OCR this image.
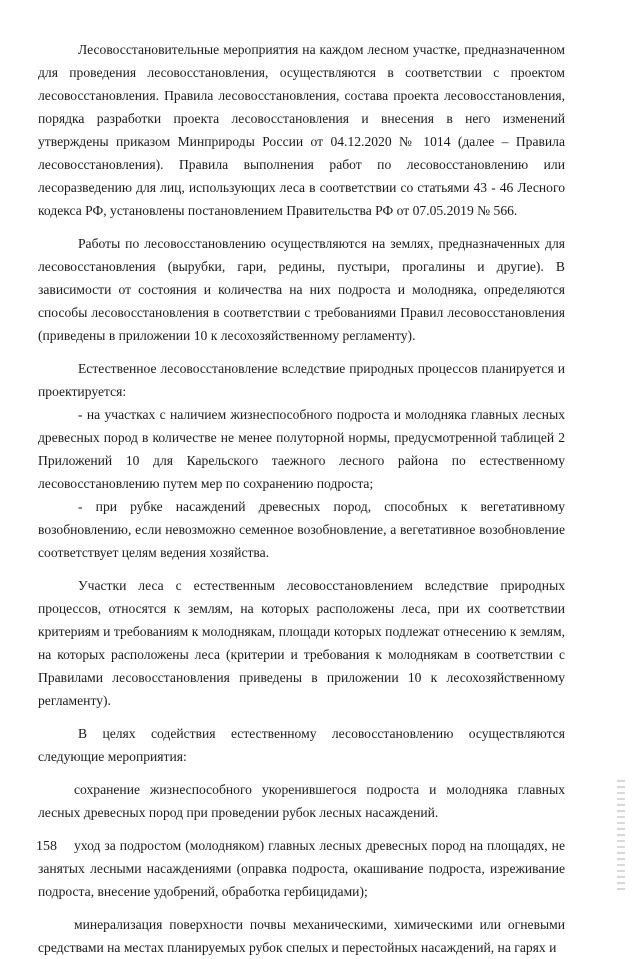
Лесовосстановительные мероприятия на каждом лесном участке, предназначенном для проведения лесовосстановления, осуществляются в соответствии с проектом лесовосстановления. Правила лесовосстановления, состава проекта лесовосстановления, порядка разработки проекта лесовосстановления и внесения в него изменений утверждены приказом Минприроды России от 04.12.2020 № 1014 (далее – Правила лесовосстановления). Правила выполнения работ по лесовосстановлению или лесоразведению для лиц, использующих леса в соответствии со статьями 43 - 46 Лесного кодекса РФ, установлены постановлением Правительства РФ от 07.05.2019 № 566.

Работы по лесовосстановлению осуществляются на землях, предназначенных для лесовосстановления (вырубки, гари, редины, пустыри, прогалины и другие). В зависимости от состояния и количества на них подроста и молодняка, определяются способы лесовосстановления в соответствии с требованиями Правил лесовосстановления (приведены в приложении 10 к лесохозяйственному регламенту).

Естественное лесовосстановление вследствие природных процессов планируется и проектируется:

- на участках с наличием жизнеспособного подроста и молодняка главных лесных древесных пород в количестве не менее полуторной нормы, предусмотренной таблицей 2 Приложений 10 для Карельского таежного лесного района по естественному лесовосстановлению путем мер по сохранению подроста;

- при рубке насаждений древесных пород, способных к вегетативному возобновлению, если невозможно семенное возобновление, а вегетативное возобновление соответствует целям ведения хозяйства.

Участки леса с естественным лесовосстановлением вследствие природных процессов, относятся к землям, на которых расположены леса, при их соответствии критериям и требованиям к молоднякам, площади которых подлежат отнесению к землям, на которых расположены леса (критерии и требования к молоднякам в соответствии с Правилами лесовосстановления приведены в приложении 10 к лесохозяйственному регламенту).

В целях содействия естественному лесовосстановлению осуществляются следующие мероприятия:

сохранение жизнеспособного укоренившегося подроста и молодняка главных лесных древесных пород при проведении рубок лесных насаждений.

уход за подростом (молодняком) главных лесных древесных пород на площадях, не занятых лесными насаждениями (оправка подроста, окашивание подроста, изреживание подроста, внесение удобрений, обработка гербицидами);

минерализация поверхности почвы механическими, химическими или огневыми средствами на местах планируемых рубок спелых и перестойных насаждений, на гарях и

158
